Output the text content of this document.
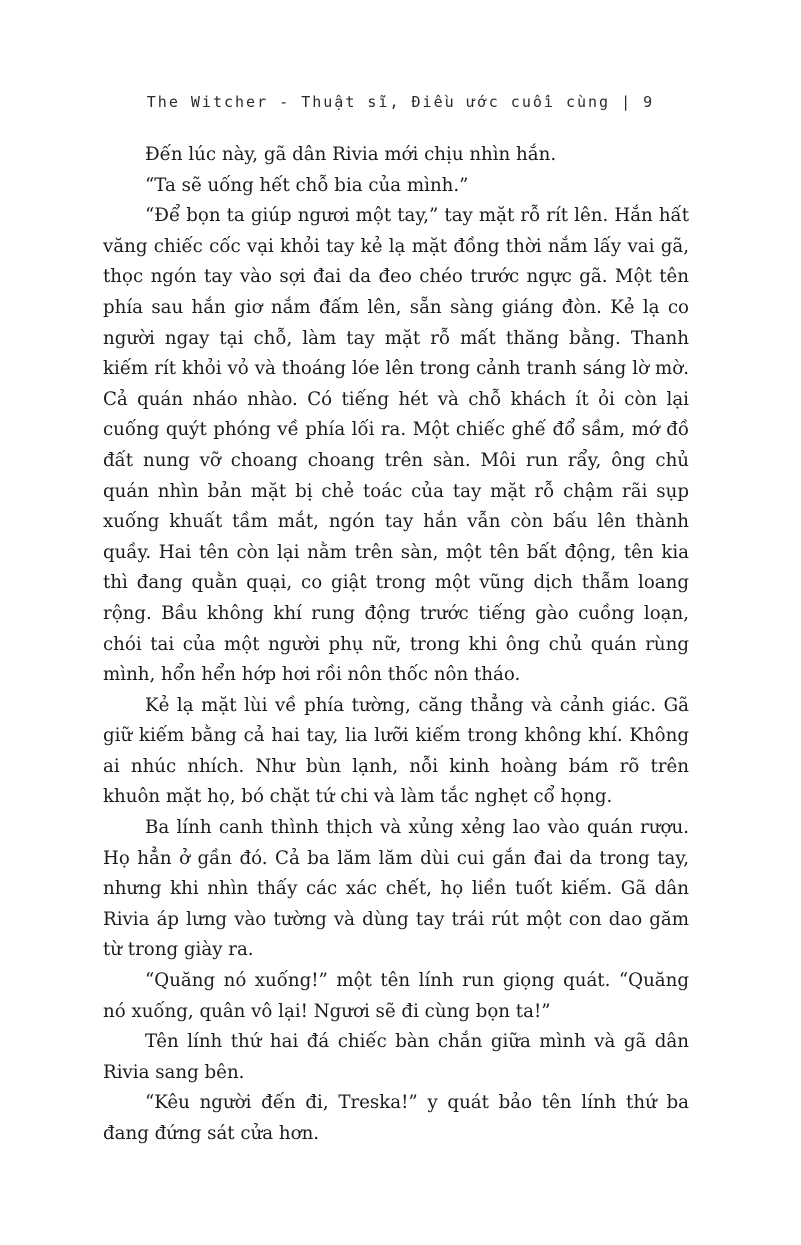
The Witcher - Thuật sĩ, Điều ước cuối cùng | 9

Đến lúc này, gã dân Rivia mới chịu nhìn hắn.

“Ta sẽ uống hết chỗ bia của mình.”

“Để bọn ta giúp ngươi một tay,” tay mặt rỗ rít lên. Hắn hất văng chiếc cốc vại khỏi tay kẻ lạ mặt đồng thời nắm lấy vai gã, thọc ngón tay vào sợi đai da đeo chéo trước ngực gã. Một tên phía sau hắn giơ nắm đấm lên, sẵn sàng giáng đòn. Kẻ lạ co người ngay tại chỗ, làm tay mặt rỗ mất thăng bằng. Thanh kiếm rít khỏi vỏ và thoáng lóe lên trong cảnh tranh sáng lờ mờ. Cả quán nháo nhào. Có tiếng hét và chỗ khách ít ỏi còn lại cuống quýt phóng về phía lối ra. Một chiếc ghế đổ sầm, mớ đồ đất nung vỡ choang choang trên sàn. Môi run rẩy, ông chủ quán nhìn bản mặt bị chẻ toác của tay mặt rỗ chậm rãi sụp xuống khuất tầm mắt, ngón tay hắn vẫn còn bấu lên thành quầy. Hai tên còn lại nằm trên sàn, một tên bất động, tên kia thì đang quằn quại, co giật trong một vũng dịch thẫm loang rộng. Bầu không khí rung động trước tiếng gào cuồng loạn, chói tai của một người phụ nữ, trong khi ông chủ quán rùng mình, hổn hển hớp hơi rồi nôn thốc nôn tháo.

Kẻ lạ mặt lùi về phía tường, căng thẳng và cảnh giác. Gã giữ kiếm bằng cả hai tay, lia lưỡi kiếm trong không khí. Không ai nhúc nhích. Như bùn lạnh, nỗi kinh hoàng bám rõ trên khuôn mặt họ, bó chặt tứ chi và làm tắc nghẹt cổ họng.

Ba lính canh thình thịch và xủng xẻng lao vào quán rượu. Họ hẳn ở gần đó. Cả ba lăm lăm dùi cui gắn đai da trong tay, nhưng khi nhìn thấy các xác chết, họ liền tuốt kiếm. Gã dân Rivia áp lưng vào tường và dùng tay trái rút một con dao găm từ trong giày ra.

“Quăng nó xuống!” một tên lính run giọng quát. “Quăng nó xuống, quân vô lại! Ngươi sẽ đi cùng bọn ta!”

Tên lính thứ hai đá chiếc bàn chắn giữa mình và gã dân Rivia sang bên.

“Kêu người đến đi, Treska!” y quát bảo tên lính thứ ba đang đứng sát cửa hơn.
